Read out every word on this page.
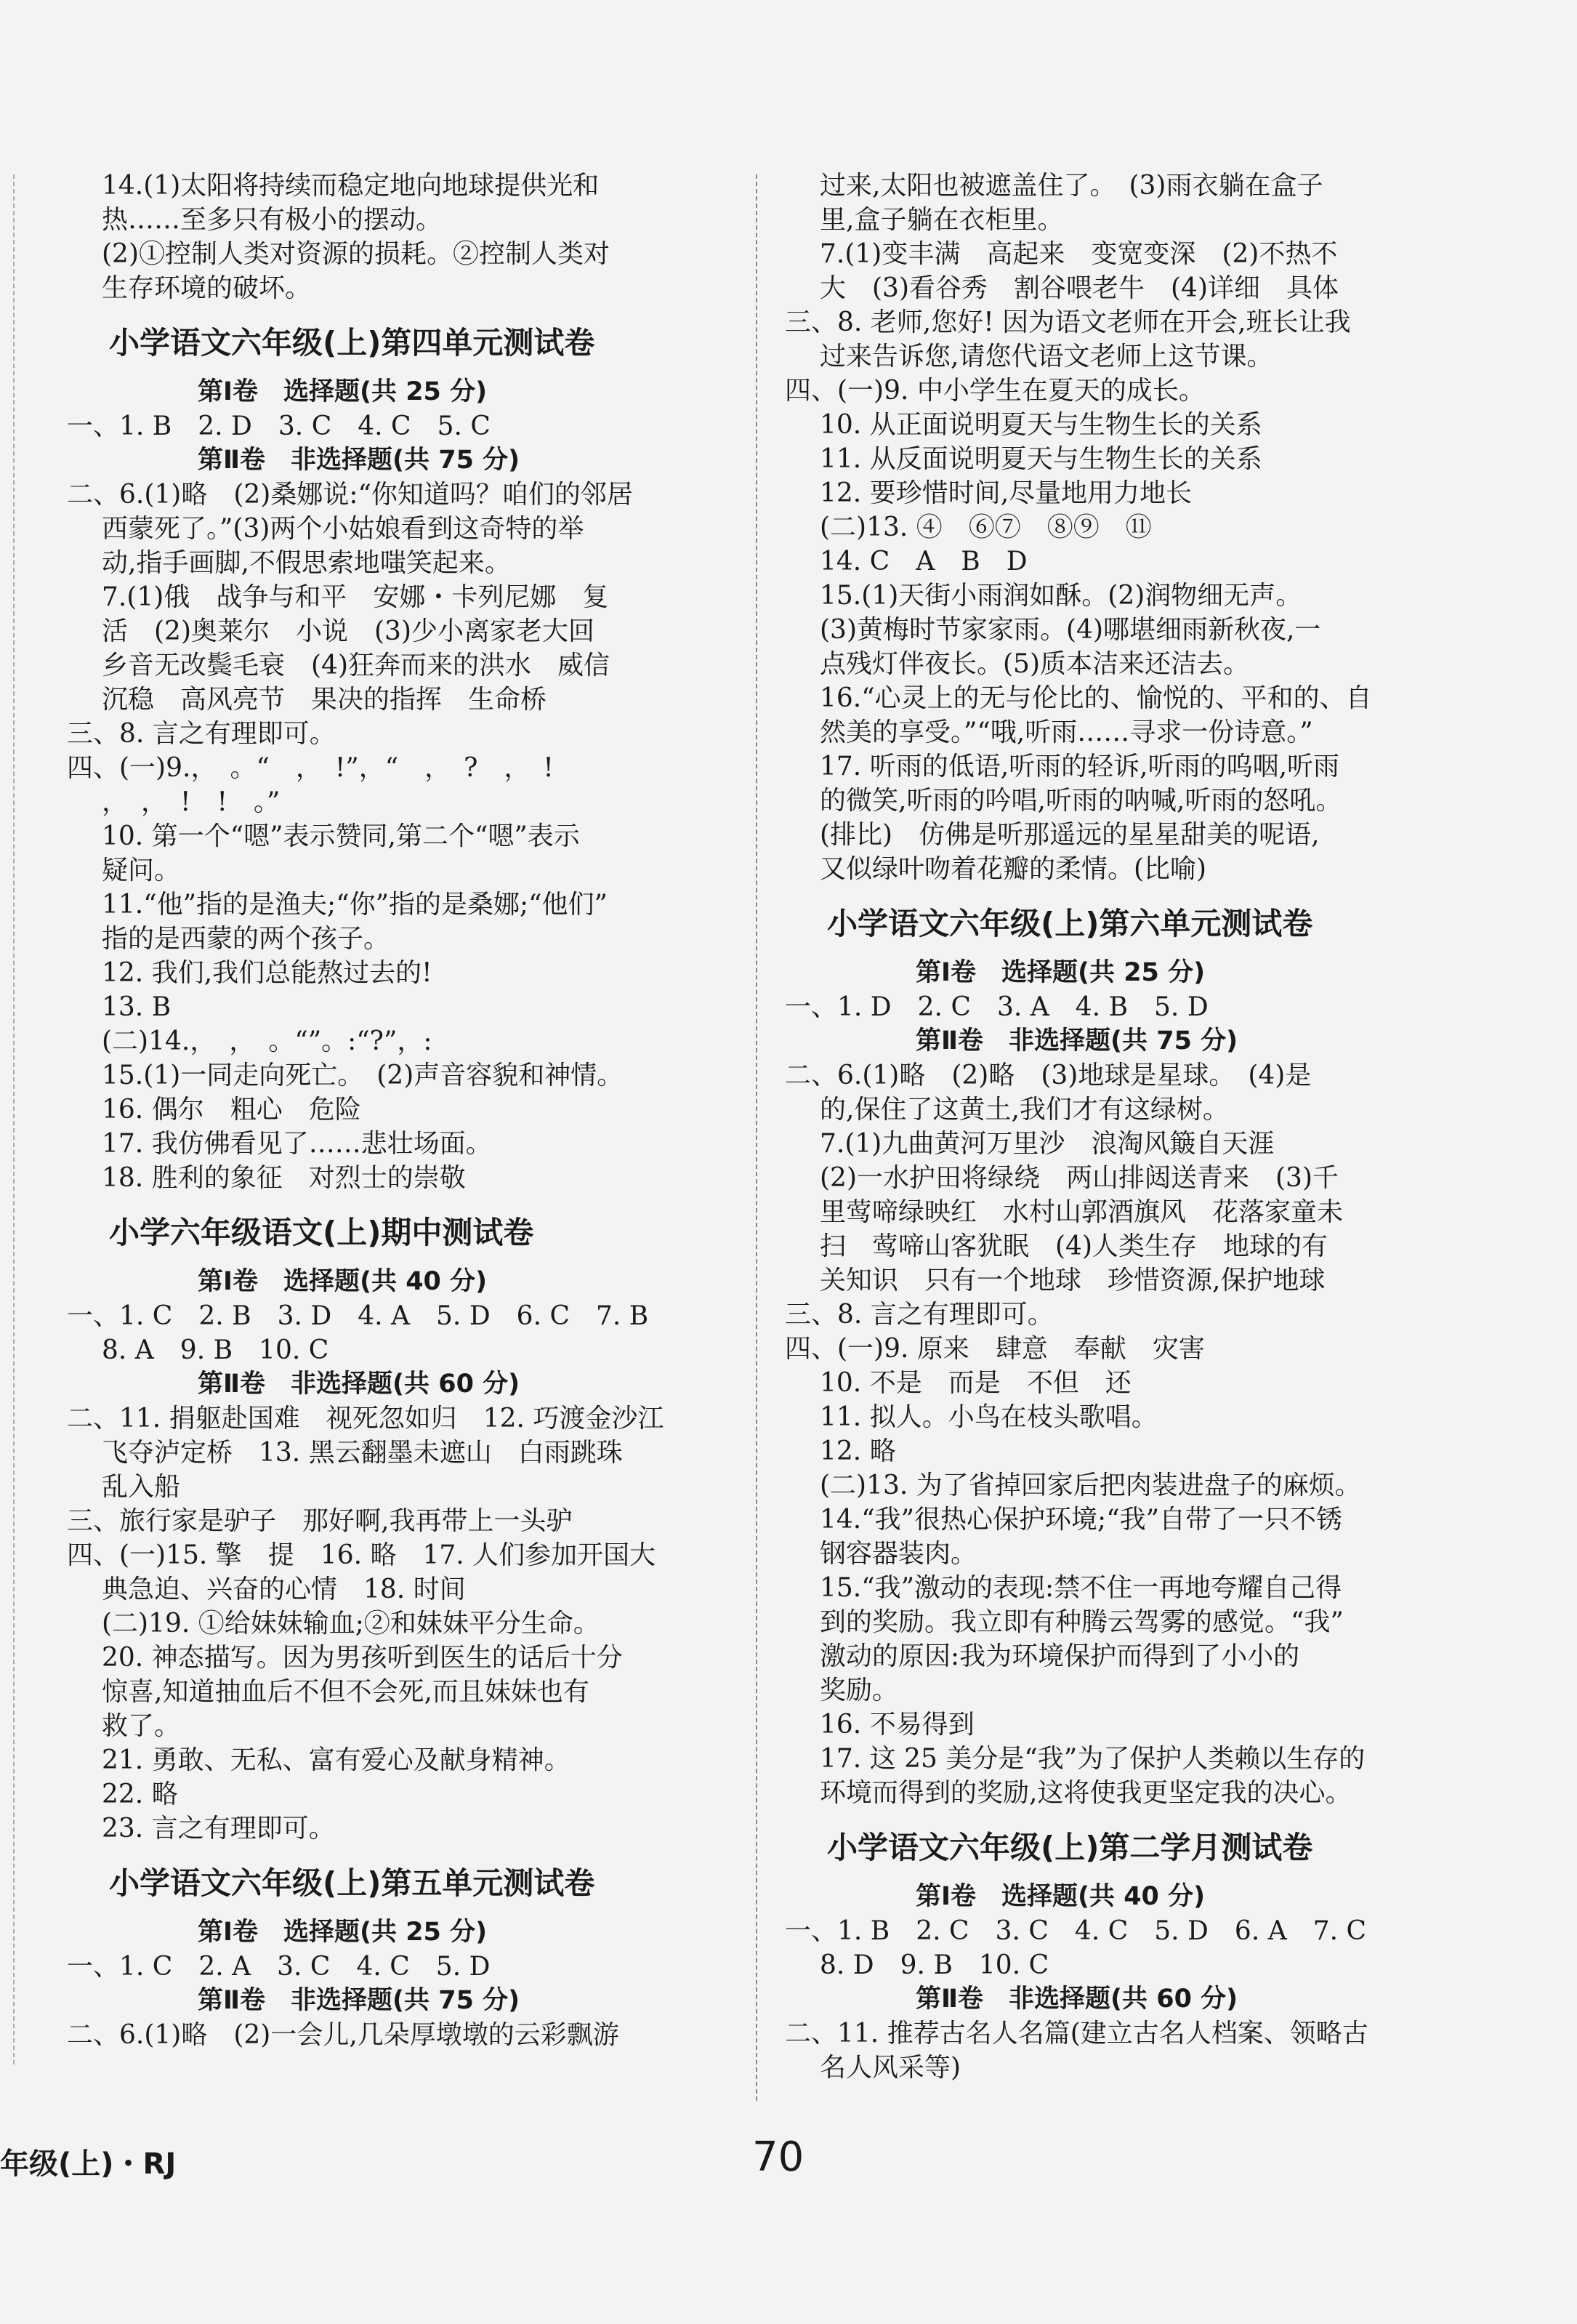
14.(1)太阳将持续而稳定地向地球提供光和
热……至多只有极小的摆动。
(2)①控制人类对资源的损耗。②控制人类对
生存环境的破坏。
小学语文六年级(上)第四单元测试卷
第Ⅰ卷　选择题(共 25 分)
一、1. B　2. D　3. C　4. C　5. C
第Ⅱ卷　非选择题(共 75 分)
二、6.(1)略　(2)桑娜说:“你知道吗？咱们的邻居
西蒙死了。”(3)两个小姑娘看到这奇特的举
动,指手画脚,不假思索地嗤笑起来。
7.(1)俄　战争与和平　安娜・卡列尼娜　复
活　(2)奥莱尔　小说　(3)少小离家老大回
乡音无改鬓毛衰　(4)狂奔而来的洪水　威信
沉稳　高风亮节　果决的指挥　生命桥
三、8. 言之有理即可。
四、(一)9.，　。“　，　!”，“　，　?　，　!
，　，　!　!　。”
10. 第一个“嗯”表示赞同,第二个“嗯”表示
疑问。
11.“他”指的是渔夫;“你”指的是桑娜;“他们”
指的是西蒙的两个孩子。
12. 我们,我们总能熬过去的!
13. B
(二)14.，　，　。“”。:“?”，:
15.(1)一同走向死亡。　(2)声音容貌和神情。
16. 偶尔　粗心　危险
17. 我仿佛看见了……悲壮场面。
18. 胜利的象征　对烈士的崇敬
小学六年级语文(上)期中测试卷
第Ⅰ卷　选择题(共 40 分)
一、1. C　2. B　3. D　4. A　5. D　6. C　7. B
8. A　9. B　10. C
第Ⅱ卷　非选择题(共 60 分)
二、11. 捐躯赴国难　视死忽如归　12. 巧渡金沙江
飞夺泸定桥　13. 黑云翻墨未遮山　白雨跳珠
乱入船
三、旅行家是驴子　那好啊,我再带上一头驴
四、(一)15. 擎　提　16. 略　17. 人们参加开国大
典急迫、兴奋的心情　18. 时间
(二)19. ①给妹妹输血;②和妹妹平分生命。
20. 神态描写。因为男孩听到医生的话后十分
惊喜,知道抽血后不但不会死,而且妹妹也有
救了。
21. 勇敢、无私、富有爱心及献身精神。
22. 略
23. 言之有理即可。
小学语文六年级(上)第五单元测试卷
第Ⅰ卷　选择题(共 25 分)
一、1. C　2. A　3. C　4. C　5. D
第Ⅱ卷　非选择题(共 75 分)
二、6.(1)略　(2)一会儿,几朵厚墩墩的云彩飘游
过来,太阳也被遮盖住了。　(3)雨衣躺在盒子
里,盒子躺在衣柜里。
7.(1)变丰满　高起来　变宽变深　(2)不热不
大　(3)看谷秀　割谷喂老牛　(4)详细　具体
三、8. 老师,您好! 因为语文老师在开会,班长让我
过来告诉您,请您代语文老师上这节课。
四、(一)9. 中小学生在夏天的成长。
10. 从正面说明夏天与生物生长的关系
11. 从反面说明夏天与生物生长的关系
12. 要珍惜时间,尽量地用力地长
(二)13. ④　⑥⑦　⑧⑨　⑪
14. C　A　B　D
15.(1)天街小雨润如酥。(2)润物细无声。
(3)黄梅时节家家雨。(4)哪堪细雨新秋夜,一
点残灯伴夜长。(5)质本洁来还洁去。
16.“心灵上的无与伦比的、愉悦的、平和的、自
然美的享受。”“哦,听雨……寻求一份诗意。”
17. 听雨的低语,听雨的轻诉,听雨的呜咽,听雨
的微笑,听雨的吟唱,听雨的呐喊,听雨的怒吼。
(排比)　仿佛是听那遥远的星星甜美的呢语,
又似绿叶吻着花瓣的柔情。(比喻)
小学语文六年级(上)第六单元测试卷
第Ⅰ卷　选择题(共 25 分)
一、1. D　2. C　3. A　4. B　5. D
第Ⅱ卷　非选择题(共 75 分)
二、6.(1)略　(2)略　(3)地球是星球。　(4)是
的,保住了这黄土,我们才有这绿树。
7.(1)九曲黄河万里沙　浪淘风簸自天涯
(2)一水护田将绿绕　两山排闼送青来　(3)千
里莺啼绿映红　水村山郭酒旗风　花落家童未
扫　莺啼山客犹眠　(4)人类生存　地球的有
关知识　只有一个地球　珍惜资源,保护地球
三、8. 言之有理即可。
四、(一)9. 原来　肆意　奉献　灾害
10. 不是　而是　不但　还
11. 拟人。小鸟在枝头歌唱。
12. 略
(二)13. 为了省掉回家后把肉装进盘子的麻烦。
14.“我”很热心保护环境;“我”自带了一只不锈
钢容器装肉。
15.“我”激动的表现:禁不住一再地夸耀自己得
到的奖励。我立即有种腾云驾雾的感觉。“我”
激动的原因:我为环境保护而得到了小小的
奖励。
16. 不易得到
17. 这 25 美分是“我”为了保护人类赖以生存的
环境而得到的奖励,这将使我更坚定我的决心。
小学语文六年级(上)第二学月测试卷
第Ⅰ卷　选择题(共 40 分)
一、1. B　2. C　3. C　4. C　5. D　6. A　7. C
8. D　9. B　10. C
第Ⅱ卷　非选择题(共 60 分)
二、11. 推荐古名人名篇(建立古名人档案、领略古
名人风采等)
年级(上)・RJ	70
